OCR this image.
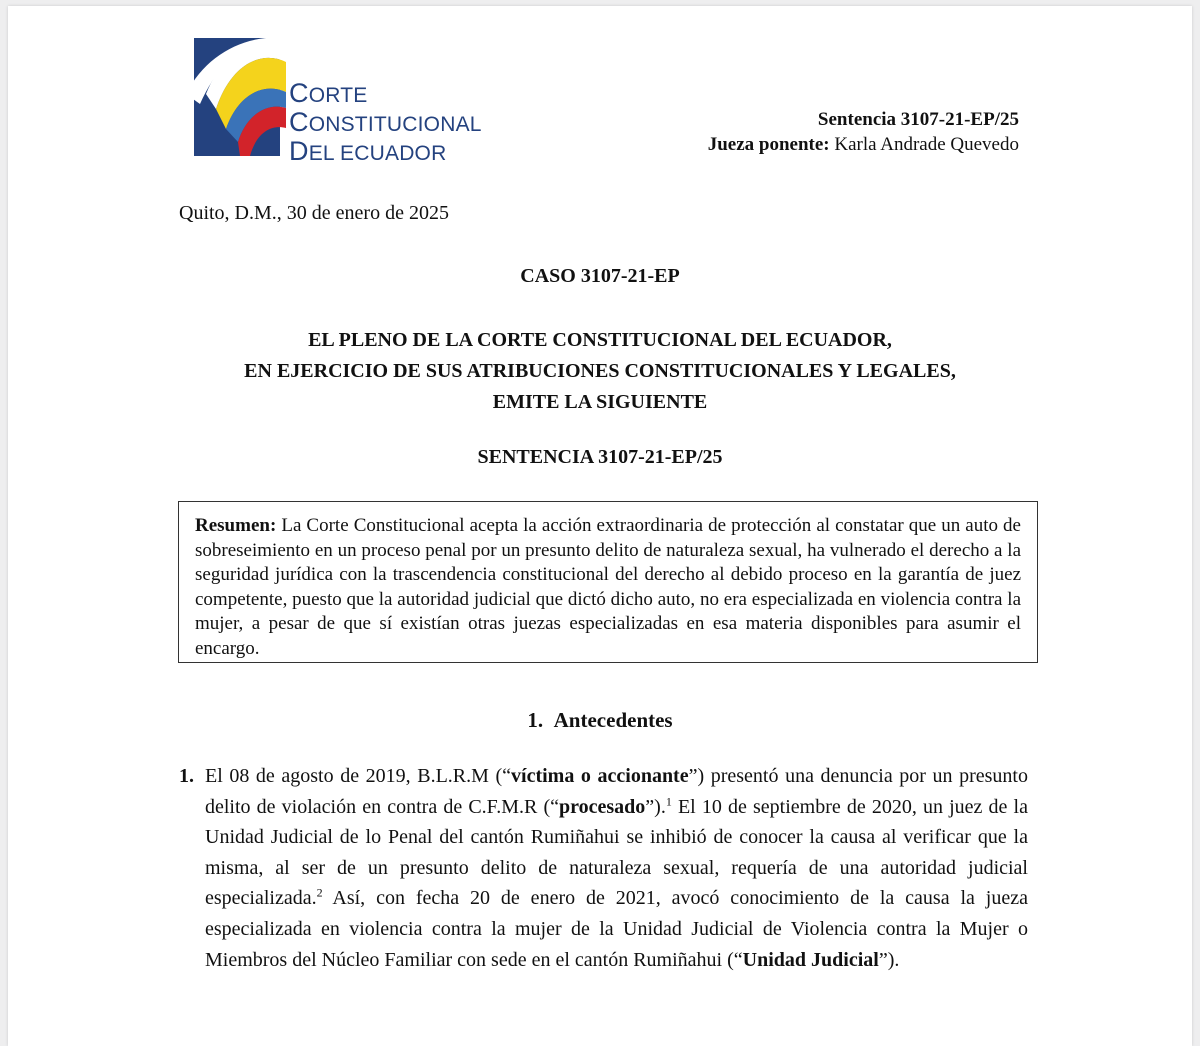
CORTE
CONSTITUCIONAL
DEL ECUADOR
Sentencia 3107-21-EP/25
Jueza ponente: Karla Andrade Quevedo
Quito, D.M., 30 de enero de 2025
CASO 3107-21-EP
EL PLENO DE LA CORTE CONSTITUCIONAL DEL ECUADOR,
EN EJERCICIO DE SUS ATRIBUCIONES CONSTITUCIONALES Y LEGALES,
EMITE LA SIGUIENTE
SENTENCIA 3107-21-EP/25
Resumen: La Corte Constitucional acepta la acción extraordinaria de protección al constatar que un auto de sobreseimiento en un proceso penal por un presunto delito de naturaleza sexual, ha vulnerado el derecho a la seguridad jurídica con la trascendencia constitucional del derecho al debido proceso en la garantía de juez competente, puesto que la autoridad judicial que dictó dicho auto, no era especializada en violencia contra la mujer, a pesar de que sí existían otras juezas especializadas en esa materia disponibles para asumir el encargo.
1. Antecedentes
1. El 08 de agosto de 2019, B.L.R.M (“víctima o accionante”) presentó una denuncia por un presunto delito de violación en contra de C.F.M.R (“procesado”).$^1$ El 10 de septiembre de 2020, un juez de la Unidad Judicial de lo Penal del cantón Rumiñahui se inhibió de conocer la causa al verificar que la misma, al ser de un presunto delito de naturaleza sexual, requería de una autoridad judicial especializada.$^2$ Así, con fecha 20 de enero de 2021, avocó conocimiento de la causa la jueza especializada en violencia contra la mujer de la Unidad Judicial de Violencia contra la Mujer o Miembros del Núcleo Familiar con sede en el cantón Rumiñahui (“Unidad Judicial”).
